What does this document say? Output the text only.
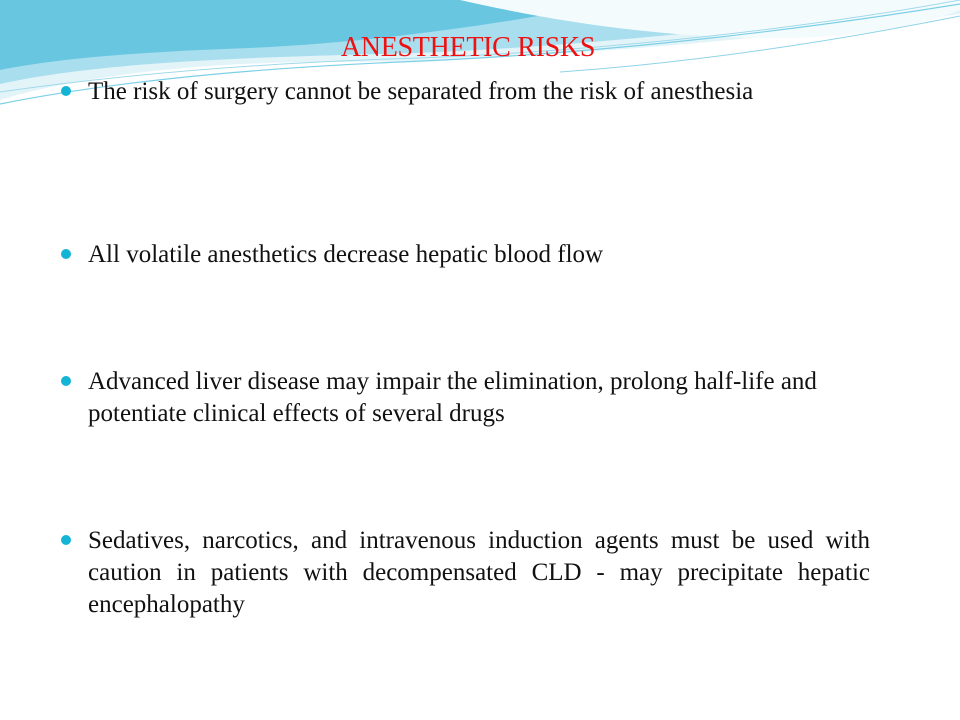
ANESTHETIC RISKS
The risk of surgery cannot be separated from the risk of anesthesia
All volatile anesthetics decrease hepatic blood flow
Advanced liver disease may impair the elimination, prolong half-life and potentiate clinical effects of several drugs
Sedatives, narcotics, and intravenous induction agents must be used with caution in patients with decompensated CLD - may precipitate hepatic encephalopathy
